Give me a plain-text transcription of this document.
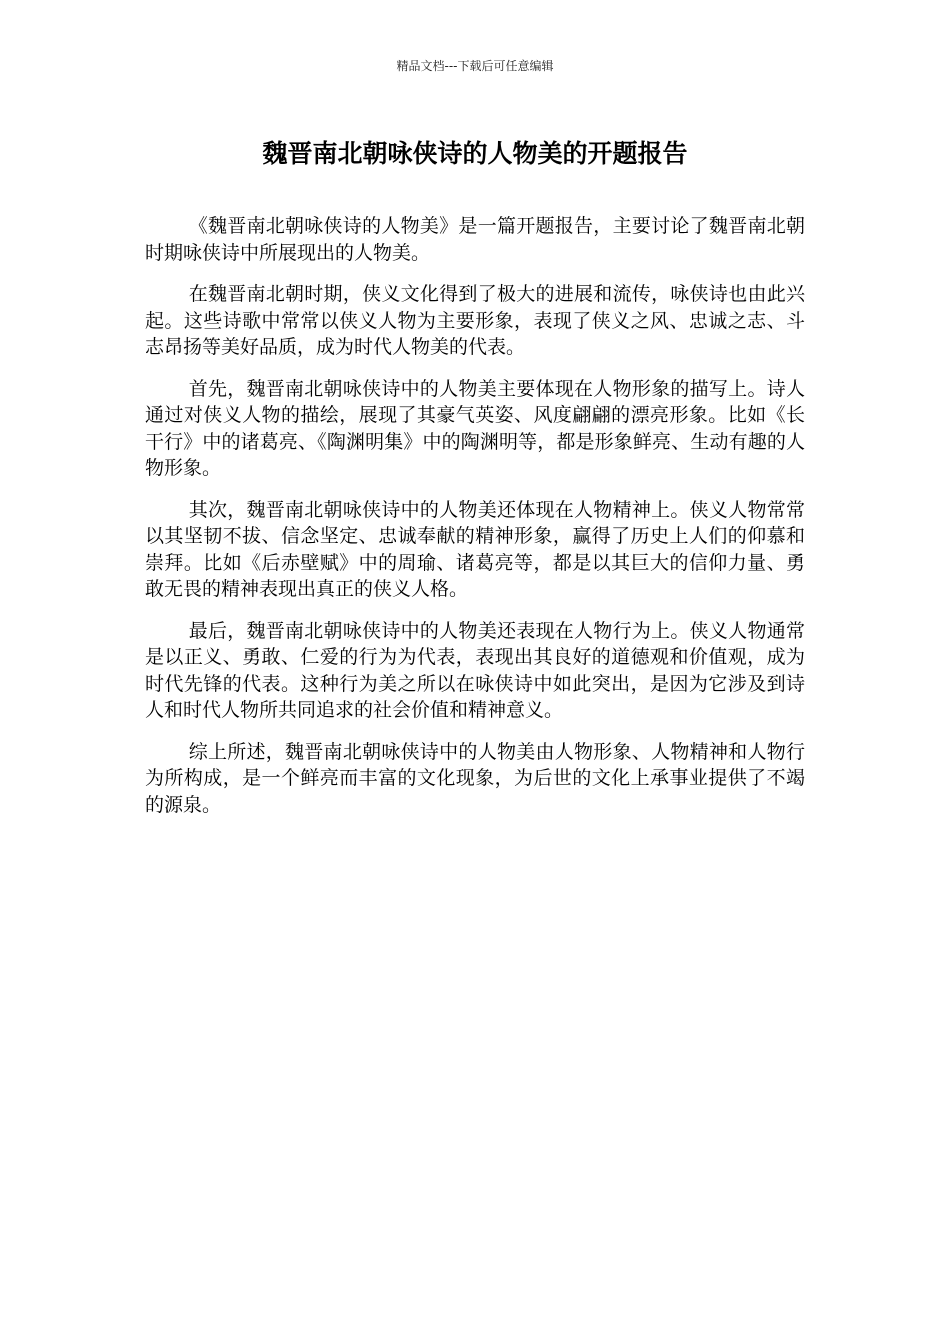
精品文档---下载后可任意编辑
魏晋南北朝咏侠诗的人物美的开题报告

《魏晋南北朝咏侠诗的人物美》是一篇开题报告，主要讨论了魏晋南北朝时期咏侠诗中所展现出的人物美。

在魏晋南北朝时期，侠义文化得到了极大的进展和流传，咏侠诗也由此兴起。这些诗歌中常常以侠义人物为主要形象，表现了侠义之风、忠诚之志、斗志昂扬等美好品质，成为时代人物美的代表。

首先，魏晋南北朝咏侠诗中的人物美主要体现在人物形象的描写上。诗人通过对侠义人物的描绘，展现了其豪气英姿、风度翩翩的漂亮形象。比如《长干行》中的诸葛亮、《陶渊明集》中的陶渊明等，都是形象鲜亮、生动有趣的人物形象。

其次，魏晋南北朝咏侠诗中的人物美还体现在人物精神上。侠义人物常常以其坚韧不拔、信念坚定、忠诚奉献的精神形象，赢得了历史上人们的仰慕和崇拜。比如《后赤壁赋》中的周瑜、诸葛亮等，都是以其巨大的信仰力量、勇敢无畏的精神表现出真正的侠义人格。

最后，魏晋南北朝咏侠诗中的人物美还表现在人物行为上。侠义人物通常是以正义、勇敢、仁爱的行为为代表，表现出其良好的道德观和价值观，成为时代先锋的代表。这种行为美之所以在咏侠诗中如此突出，是因为它涉及到诗人和时代人物所共同追求的社会价值和精神意义。

综上所述，魏晋南北朝咏侠诗中的人物美由人物形象、人物精神和人物行为所构成，是一个鲜亮而丰富的文化现象，为后世的文化上承事业提供了不竭的源泉。
